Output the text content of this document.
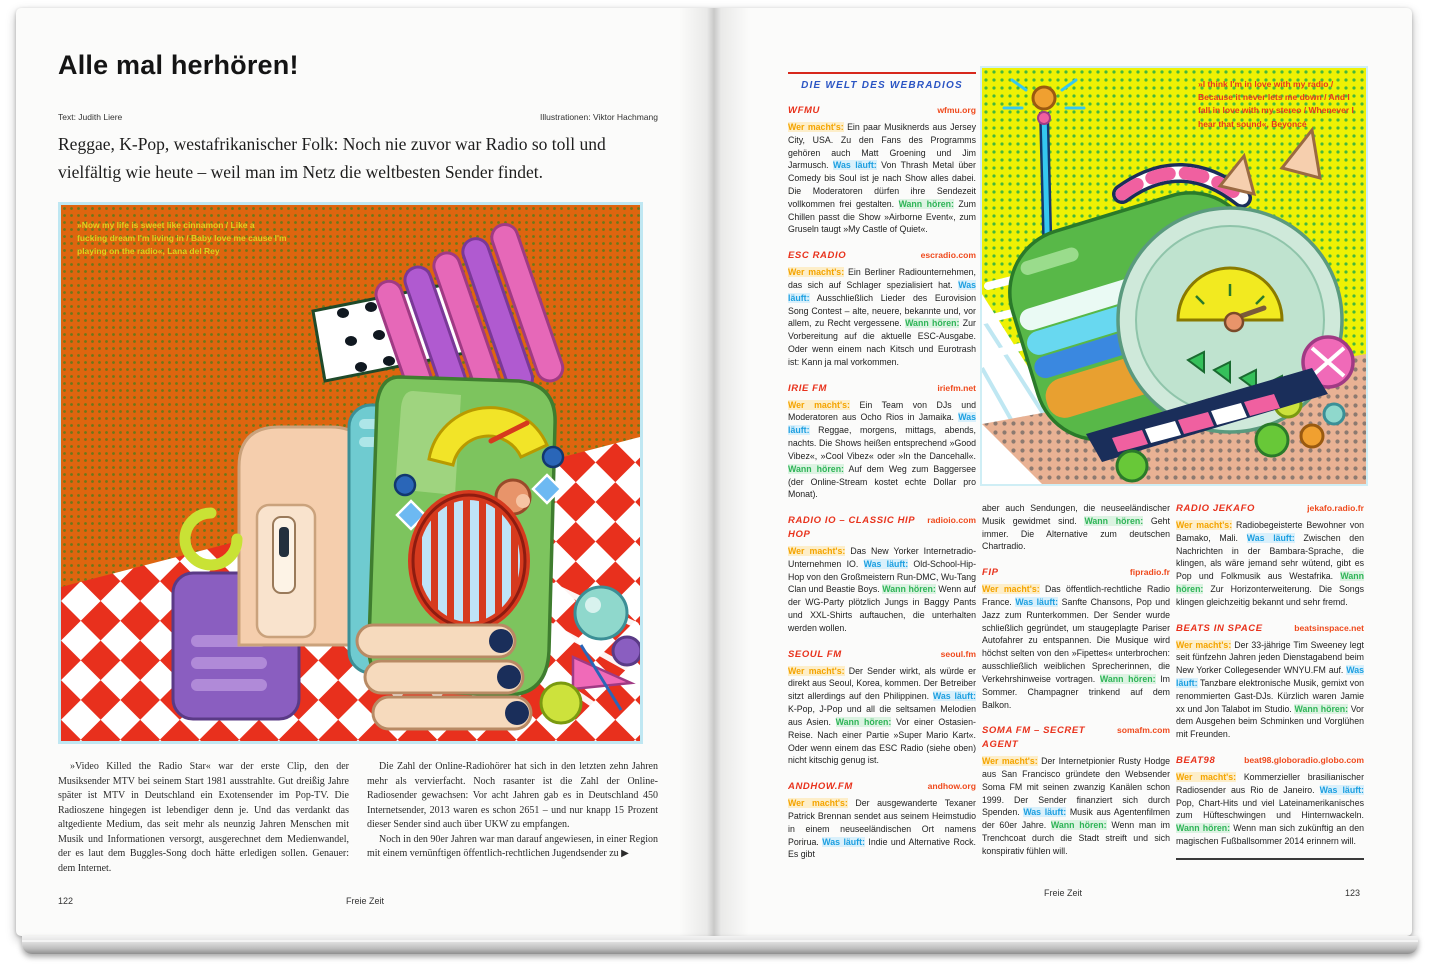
Alle mal herhören!
Text: Judith Liere	Illustrationen: Viktor Hachmang
Reggae, K-Pop, westafrikanischer Folk: Noch nie zuvor war Radio so toll und vielfältig wie heute – weil man im Netz die weltbesten Sender findet.
»Now my life is sweet like cinnamon / Like a fucking dream I'm living in / Baby love me cause I'm playing on the radio«, Lana del Rey

»Video Killed the Radio Star« war der erste Clip, den der Musiksender MTV bei seinem Start 1981 ausstrahlte. Gut dreißig Jahre später ist MTV in Deutschland ein Exotensender im Pop-TV. Die Radioszene hingegen ist lebendiger denn je. Und das verdankt das altgediente Medium, das seit mehr als neunzig Jahren Menschen mit Musik und Informationen versorgt, ausgerechnet dem Medienwandel, der es laut dem Buggles-Song doch hätte erledigen sollen. Genauer: dem Internet.

Die Zahl der Online-Radiohörer hat sich in den letzten zehn Jahren mehr als vervierfacht. Noch rasanter ist die Zahl der Online-Radiosender gewachsen: Vor acht Jahren gab es in Deutschland 450 Internetsender, 2013 waren es schon 2651 – und nur knapp 15 Prozent dieser Sender sind auch über UKW zu empfangen.

Noch in den 90er Jahren war man darauf angewiesen, in einer Region mit einem vernünftigen öffentlich-rechtlichen Jugendsender zu ▶

122	Freie Zeit
DIE WELT DES WEBRADIOS
WFMU	wfmu.org

Wer macht's: Ein paar Musiknerds aus Jersey City, USA. Zu den Fans des Programms gehören auch Matt Groening und Jim Jarmusch. Was läuft: Von Thrash Metal über Comedy bis Soul ist je nach Show alles dabei. Die Moderatoren dürfen ihre Sendezeit vollkommen frei gestalten. Wann hören: Zum Chillen passt die Show »Airborne Event«, zum Gruseln taugt »My Castle of Quiet«.

ESC RADIO	escradio.com

Wer macht's: Ein Berliner Radiounternehmen, das sich auf Schlager spezialisiert hat. Was läuft: Ausschließlich Lieder des Eurovision Song Contest – alte, neuere, bekannte und, vor allem, zu Recht vergessene. Wann hören: Zur Vorbereitung auf die aktuelle ESC-Ausgabe. Oder wenn einem nach Kitsch und Eurotrash ist: Kann ja mal vorkommen.

IRIE FM	iriefm.net

Wer macht's: Ein Team von DJs und Moderatoren aus Ocho Rios in Jamaika. Was läuft: Reggae, morgens, mittags, abends, nachts. Die Shows heißen entsprechend »Good Vibez«, »Cool Vibez« oder »In the Dancehall«. Wann hören: Auf dem Weg zum Baggersee (der Online-Stream kostet echte Dollar pro Monat).

RADIO IO – CLASSIC HIP HOP
radioio.com

Wer macht's: Das New Yorker Internetradio-Unternehmen IO. Was läuft: Old-School-Hip-Hop von den Großmeistern Run-DMC, Wu-Tang Clan und Beastie Boys. Wann hören: Wenn auf der WG-Party plötzlich Jungs in Baggy Pants und XXL-Shirts auftauchen, die unterhalten werden wollen.

SEOUL FM	seoul.fm

Wer macht's: Der Sender wirkt, als würde er direkt aus Seoul, Korea, kommen. Der Betreiber sitzt allerdings auf den Philippinen. Was läuft: K-Pop, J-Pop und all die seltsamen Melodien aus Asien. Wann hören: Vor einer Ostasien-Reise. Nach einer Partie »Super Mario Kart«. Oder wenn einem das ESC Radio (siehe oben) nicht kitschig genug ist.

ANDHOW.FM	andhow.org

Wer macht's: Der ausgewanderte Texaner Patrick Brennan sendet aus seinem Heimstudio in einem neuseeländischen Ort namens Porirua. Was läuft: Indie und Alternative Rock. Es gibt

»I think I'm in love with my radio / Because it never lets me down / And I fall in love with my stereo / Whenever I hear that sound«, Beyoncé

aber auch Sendungen, die neuseeländischer Musik gewidmet sind. Wann hören: Geht immer. Die Alternative zum deutschen Chartradio.

FIP	fipradio.fr

Wer macht's: Das öffentlich-rechtliche Radio France. Was läuft: Sanfte Chansons, Pop und Jazz zum Runterkommen. Der Sender wurde schließlich gegründet, um staugeplagte Pariser Autofahrer zu entspannen. Die Musique wird höchst selten von den »Fipettes« unterbrochen: ausschließlich weiblichen Sprecherinnen, die Verkehrshinweise vortragen. Wann hören: Im Sommer. Champagner trinkend auf dem Balkon.

SOMA FM – SECRET AGENT
somafm.com

Wer macht's: Der Internetpionier Rusty Hodge aus San Francisco gründete den Websender Soma FM mit seinen zwanzig Kanälen schon 1999. Der Sender finanziert sich durch Spenden. Was läuft: Musik aus Agentenfilmen der 60er Jahre. Wann hören: Wenn man im Trenchcoat durch die Stadt streift und sich konspirativ fühlen will.

RADIO JEKAFO	jekafo.radio.fr

Wer macht's: Radiobegeisterte Bewohner von Bamako, Mali. Was läuft: Zwischen den Nachrichten in der Bambara-Sprache, die klingen, als wäre jemand sehr wütend, gibt es Pop und Folkmusik aus Westafrika. Wann hören: Zur Horizonterweiterung. Die Songs klingen gleichzeitig bekannt und sehr fremd.

BEATS IN SPACE	beatsinspace.net

Wer macht's: Der 33-jährige Tim Sweeney legt seit fünfzehn Jahren jeden Dienstagabend beim New Yorker Collegesender WNYU.FM auf. Was läuft: Tanzbare elektronische Musik, gemixt von renommierten Gast-DJs. Kürzlich waren Jamie xx und Jon Talabot im Studio. Wann hören: Vor dem Ausgehen beim Schminken und Vorglühen mit Freunden.

BEAT98	beat98.globoradio.globo.com

Wer macht's: Kommerzieller brasilianischer Radiosender aus Rio de Janeiro. Was läuft: Pop, Chart-Hits und viel Lateinamerikanisches zum Hüfteschwingen und Hinternwackeln. Wann hören: Wenn man sich zukünftig an den magischen Fußballsommer 2014 erinnern will.

Freie Zeit	123
